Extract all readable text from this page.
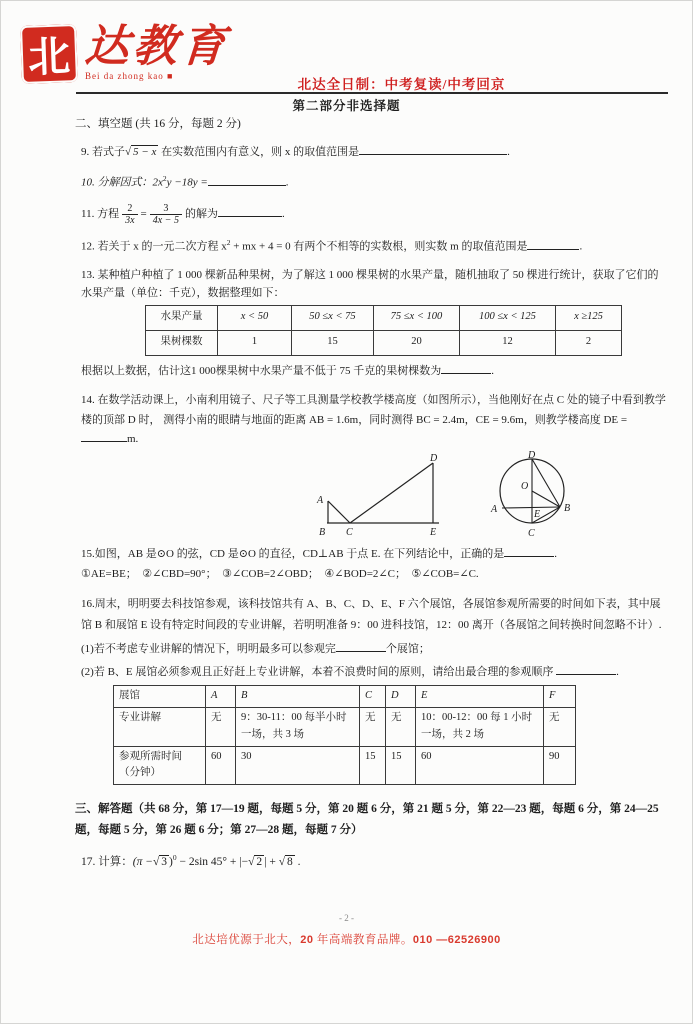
北 达教育
Bei da zhong kao ■
北达全日制：中考复读/中考回京
第二部分非选择题
二、填空题 (共 16 分，每题 2 分)

9. 若式子√ 5 − x 在实数范围内有意义，则 x 的取值范围是	.

10. 分解因式：$2x^2y -18y$ =	.

11. 方程 $\frac{2}{3x} = \frac{3}{4x - 5}$ 的解为	.

12. 若关于 x 的一元二次方程 $x^2$ + mx + 4 = 0 有两个不相等的实数根，则实数 m 的取值范围是	.

13. 某种植户种植了 1 000 棵新品种果树，为了解这 1 000 棵果树的水果产量，随机抽取了 50 棵进行统计，获取了它们的水果产量（单位：千克），数据整理如下：

水果产量	x < 50	50 ≤x < 75	75 ≤x < 100	100 ≤x < 125	x ≥125
果树棵数	1	15	20	12	2

根据以上数据，估计这1 000棵果树中水果产量不低于 75 千克的果树棵数为	.

14. 在数学活动课上，小南利用镜子、尺子等工具测量学校教学楼高度（如图所示），当他刚好在点 C 处的镜子中看到教学楼的顶部 D 时， 测得小南的眼睛与地面的距离 AB = 1.6m，同时测得 BC = 2.4m，CE = 9.6m，则教学楼高度 DE =m.

A
B C
D
E
D
O
A	E
B
C

15.如图，AB 是⊙O 的弦，CD 是⊙O 的直径，CD⊥AB 于点 E. 在下列结论中，正确的是	.

①AE=BE；　②∠CBD=90°；　③∠COB=2∠OBD；　④∠BOD=2∠C；　⑤∠COB=∠C.

16.周末，明明要去科技馆参观，该科技馆共有 A、B、C、D、E、F 六个展馆，各展馆参观所需要的时间如下表，其中展馆 B 和展馆 E 设有特定时间段的专业讲解，若明明准备 9：00 进科技馆，12：00 离开（各展馆之间转换时间忽略不计）.

(1)若不考虑专业讲解的情况下，明明最多可以参观完	个展馆；

(2)若 B、E 展馆必须参观且正好赶上专业讲解，本着不浪费时间的原则，请给出最合理的参观顺序	.

展馆	A	B	C	D	E	F
专业讲解	无	9：30-11：00 每半小时一场，共 3 场	无	无	10：00-12：00 每 1 小时一场，共 2 场	无
参观所需时间（分钟）	60	30	15	15	60	90
三、解答题（共 68 分，第 17—19 题，每题 5 分，第 20 题 6 分，第 21 题 5 分，第 22—23 题，每题 6 分，第 24—25 题，每题 5 分，第 26 题 6 分；第 27—28 题，每题 7 分）

17. 计算：(π −√ 3 )$^0$ − 2sin 45° + |−√ 2 | + √ 8 .

- 2 -
北达培优源于北大，20 年高端教育品牌。010 —62526900
